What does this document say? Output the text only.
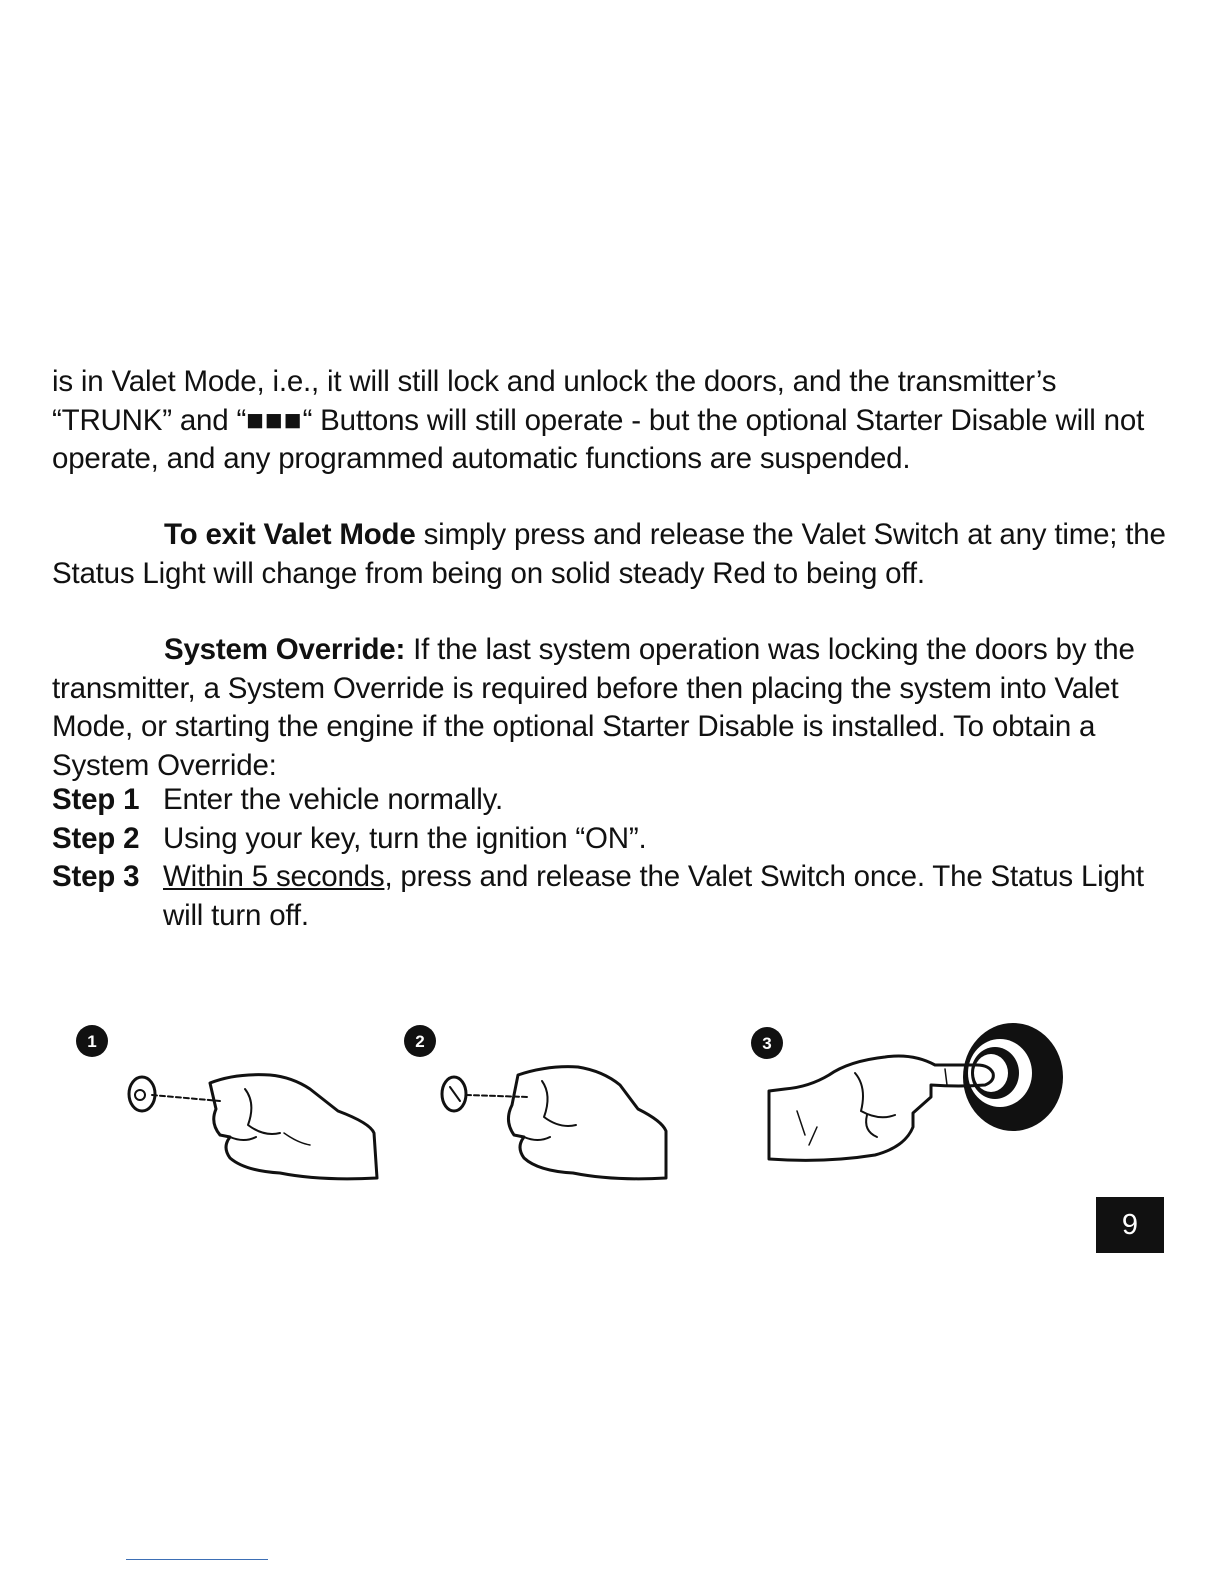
is in Valet Mode, i.e., it will still lock and unlock the doors, and the transmitter’s “TRUNK” and “■■■“ Buttons will still operate - but the optional Starter Disable will not operate, and any programmed automatic functions are suspended.
To exit Valet Mode simply press and release the Valet Switch at any time; the Status Light will change from being on solid steady Red to being off.
System Override: If the last system operation was locking the doors by the transmitter, a System Override is required before then placing the system into Valet Mode, or starting the engine if the optional Starter Disable is installed. To obtain a System Override:
Step 1 Enter the vehicle normally.
Step 2 Using your key, turn the ignition “ON”.
Step 3 Within 5 seconds, press and release the Valet Switch once. The Status Light will turn off.
1	2	3
9
